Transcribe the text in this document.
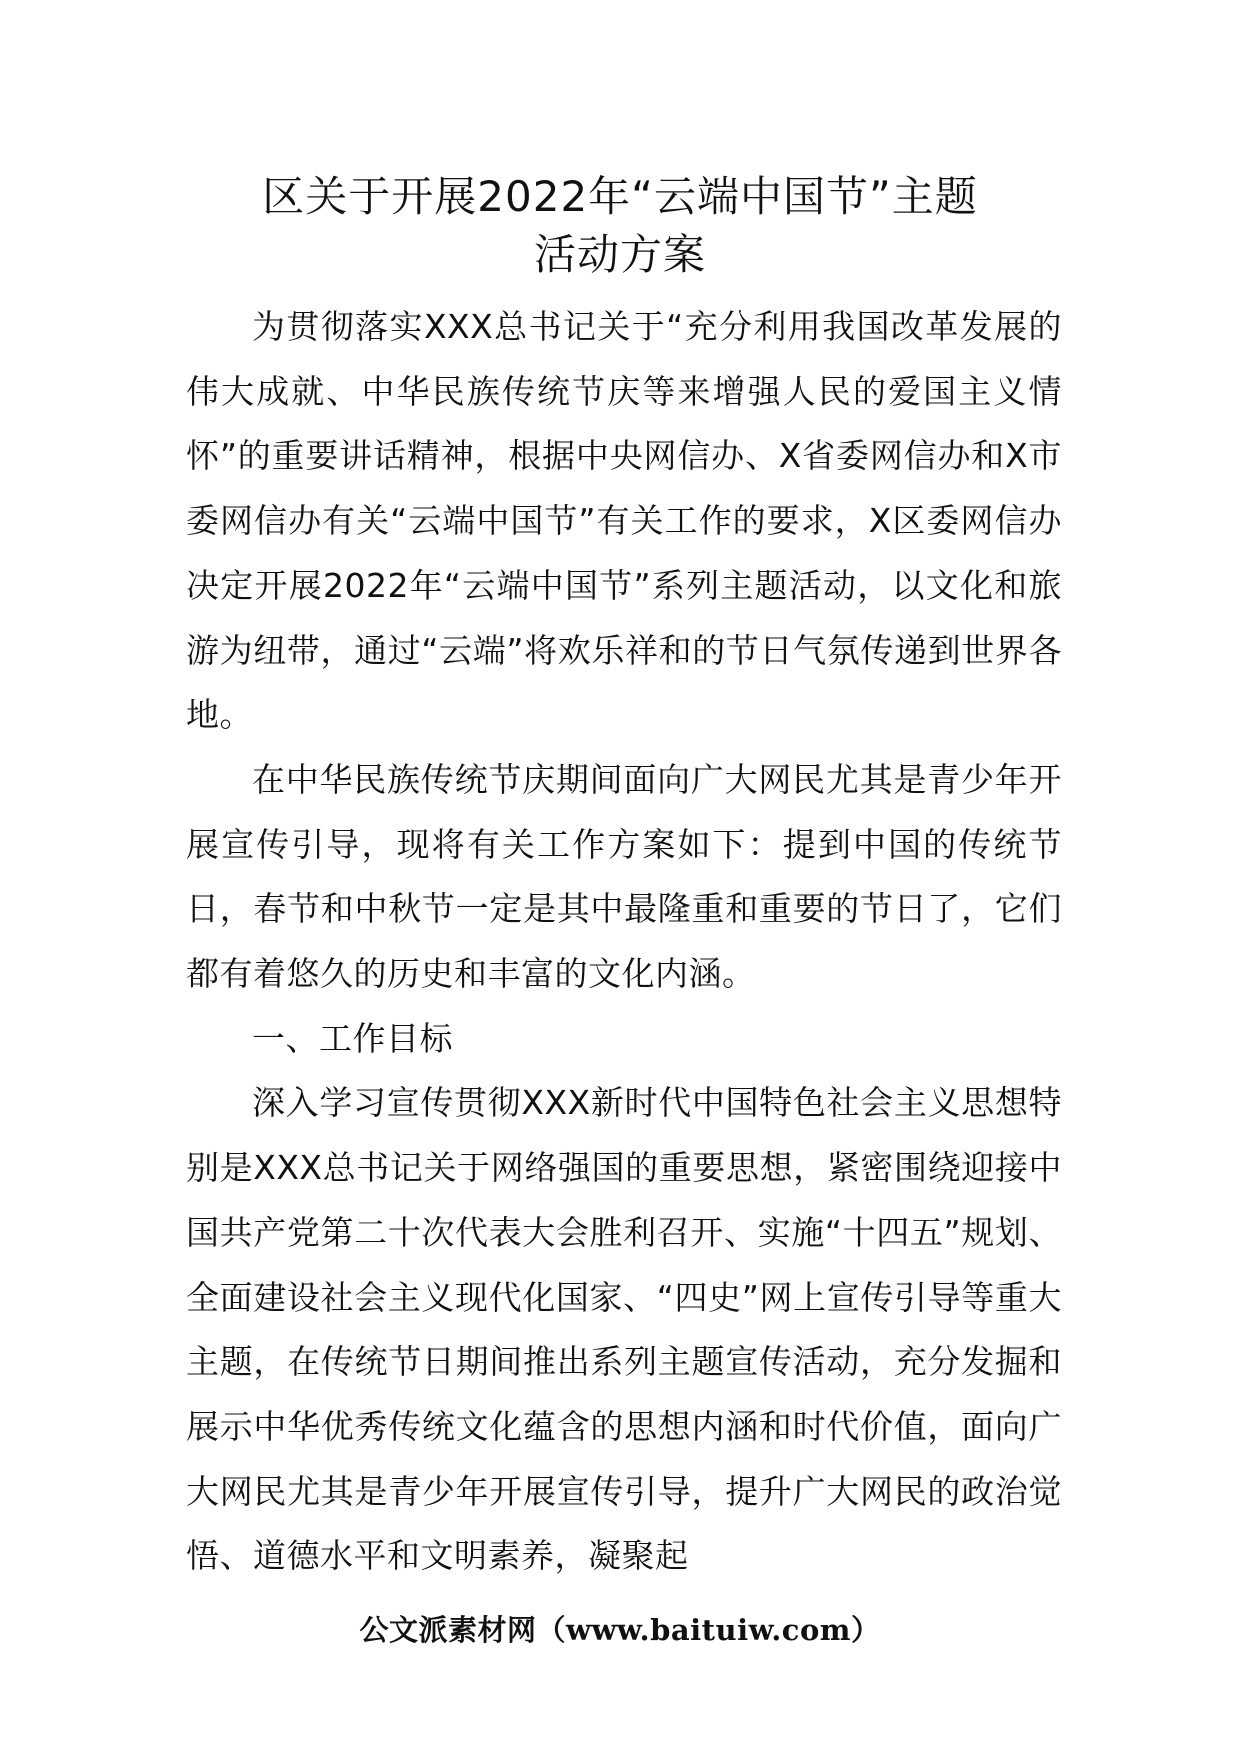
区关于开展2022年“云端中国节”主题
活动方案

为贯彻落实XXX总书记关于“充分利用我国改革发展的伟大成就、中华民族传统节庆等来增强人民的爱国主义情怀”的重要讲话精神，根据中央网信办、X省委网信办和X市委网信办有关“云端中国节”有关工作的要求，X区委网信办决定开展2022年“云端中国节”系列主题活动，以文化和旅游为纽带，通过“云端”将欢乐祥和的节日气氛传递到世界各地。

在中华民族传统节庆期间面向广大网民尤其是青少年开展宣传引导，现将有关工作方案如下：提到中国的传统节日，春节和中秋节一定是其中最隆重和重要的节日了，它们都有着悠久的历史和丰富的文化内涵。

一、工作目标

深入学习宣传贯彻XXX新时代中国特色社会主义思想特别是XXX总书记关于网络强国的重要思想，紧密围绕迎接中国共产党第二十次代表大会胜利召开、实施“十四五”规划、全面建设社会主义现代化国家、“四史”网上宣传引导等重大主题，在传统节日期间推出系列主题宣传活动，充分发掘和展示中华优秀传统文化蕴含的思想内涵和时代价值，面向广大网民尤其是青少年开展宣传引导，提升广大网民的政治觉悟、道德水平和文明素养，凝聚起

公文派素材网（www.baituiw.com）
